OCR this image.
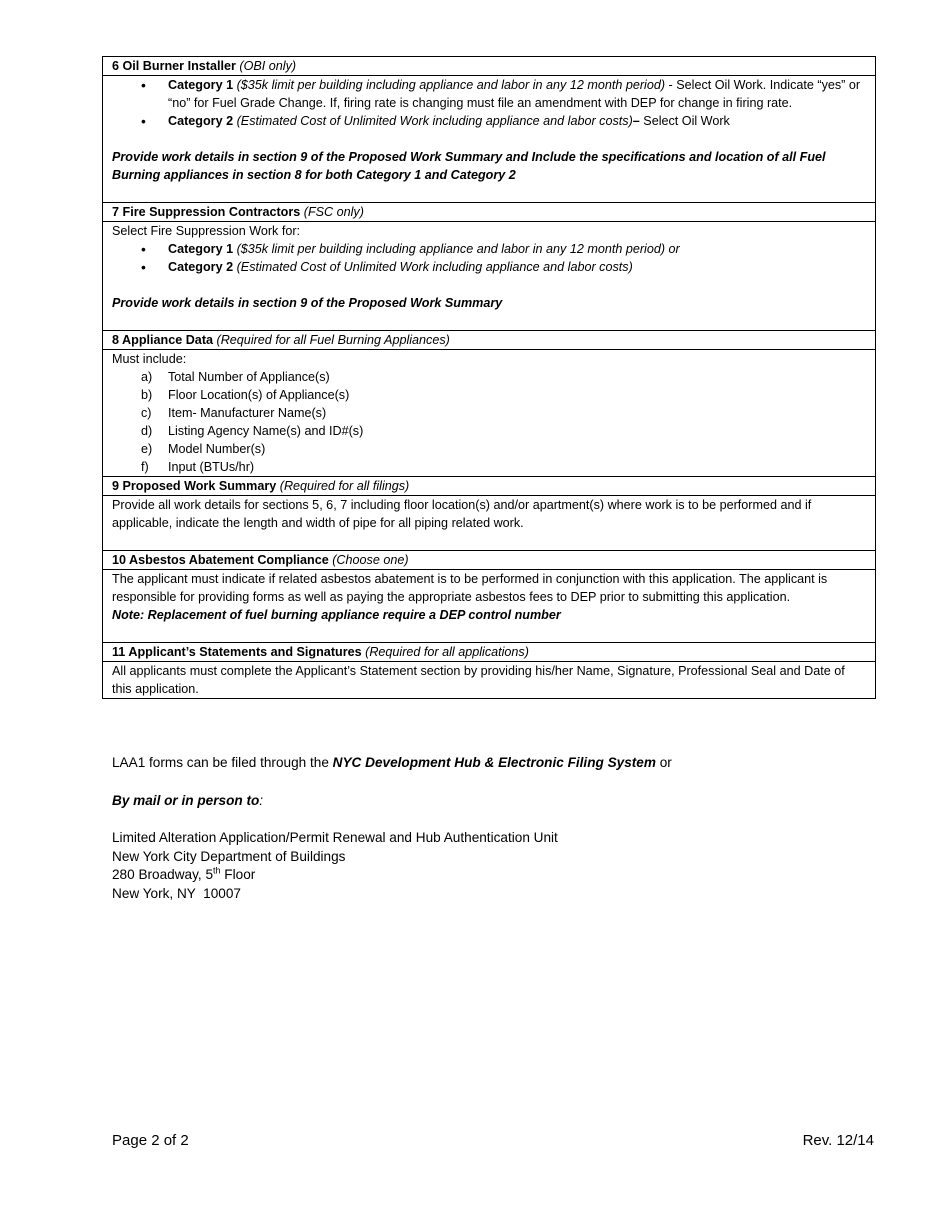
6 Oil Burner Installer (OBI only)
• Category 1 ($35k limit per building including appliance and labor in any 12 month period) - Select Oil Work. Indicate “yes” or “no” for Fuel Grade Change. If, firing rate is changing must file an amendment with DEP for change in firing rate.
• Category 2 (Estimated Cost of Unlimited Work including appliance and labor costs)– Select Oil Work
Provide work details in section 9 of the Proposed Work Summary and Include the specifications and location of all Fuel Burning appliances in section 8 for both Category 1 and Category 2
7 Fire Suppression Contractors (FSC only)
Select Fire Suppression Work for:
• Category 1 ($35k limit per building including appliance and labor in any 12 month period) or
• Category 2 (Estimated Cost of Unlimited Work including appliance and labor costs)
Provide work details in section 9 of the Proposed Work Summary
8 Appliance Data (Required for all Fuel Burning Appliances)
Must include:
a) Total Number of Appliance(s)
b) Floor Location(s) of Appliance(s)
c) Item- Manufacturer Name(s)
d) Listing Agency Name(s) and ID#(s)
e) Model Number(s)
f) Input (BTUs/hr)
9 Proposed Work Summary (Required for all filings)
Provide all work details for sections 5, 6, 7 including floor location(s) and/or apartment(s) where work is to be performed and if applicable, indicate the length and width of pipe for all piping related work.
10 Asbestos Abatement Compliance (Choose one)
The applicant must indicate if related asbestos abatement is to be performed in conjunction with this application. The applicant is responsible for providing forms as well as paying the appropriate asbestos fees to DEP prior to submitting this application.
Note: Replacement of fuel burning appliance require a DEP control number
11 Applicant’s Statements and Signatures (Required for all applications)
All applicants must complete the Applicant’s Statement section by providing his/her Name, Signature, Professional Seal and Date of this application.

LAA1 forms can be filed through the NYC Development Hub & Electronic Filing System or

By mail or in person to:

Limited Alteration Application/Permit Renewal and Hub Authentication Unit

New York City Department of Buildings

280 Broadway, 5th Floor

New York, NY  10007

Page 2 of 2	Rev. 12/14
